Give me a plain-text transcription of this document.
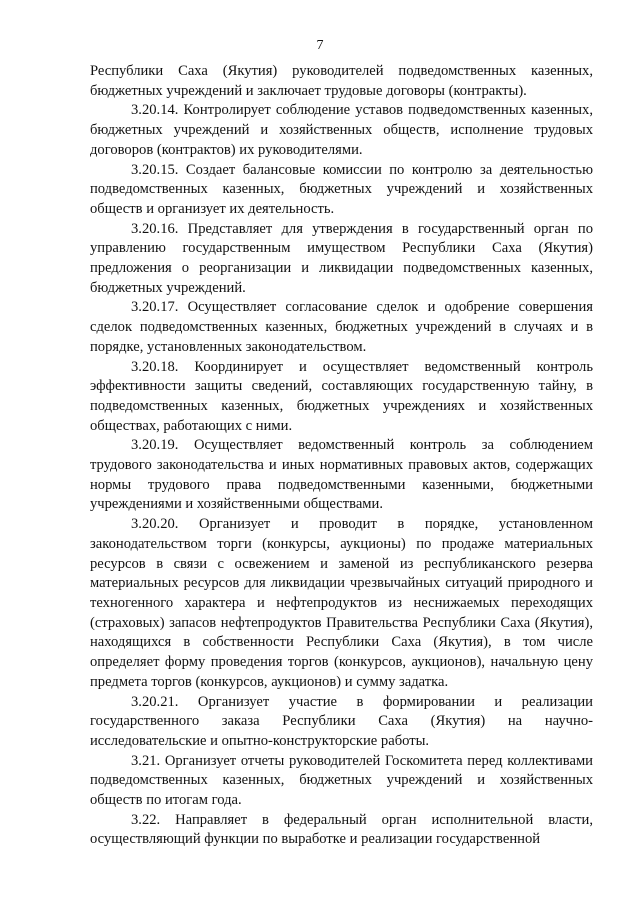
7

Республики Саха (Якутия) руководителей подведомственных казенных, бюджетных учреждений и заключает трудовые договоры (контракты).

3.20.14. Контролирует соблюдение уставов подведомственных казенных, бюджетных учреждений и хозяйственных обществ, исполнение трудовых договоров (контрактов) их руководителями.

3.20.15. Создает балансовые комиссии по контролю за деятельностью подведомственных казенных, бюджетных учреждений и хозяйственных обществ и организует их деятельность.

3.20.16. Представляет для утверждения в государственный орган по управлению государственным имуществом Республики Саха (Якутия) предложения о реорганизации и ликвидации подведомственных казенных, бюджетных учреждений.

3.20.17. Осуществляет согласование сделок и одобрение совершения сделок подведомственных казенных, бюджетных учреждений в случаях и в порядке, установленных законодательством.

3.20.18. Координирует и осуществляет ведомственный контроль эффективности защиты сведений, составляющих государственную тайну, в подведомственных казенных, бюджетных учреждениях и хозяйственных обществах, работающих с ними.

3.20.19. Осуществляет ведомственный контроль за соблюдением трудового законодательства и иных нормативных правовых актов, содержащих нормы трудового права подведомственными казенными, бюджетными учреждениями и хозяйственными обществами.

3.20.20. Организует и проводит в порядке, установленном законодательством торги (конкурсы, аукционы) по продаже материальных ресурсов в связи с освежением и заменой из республиканского резерва материальных ресурсов для ликвидации чрезвычайных ситуаций природного и техногенного характера и нефтепродуктов из неснижаемых переходящих (страховых) запасов нефтепродуктов Правительства Республики Саха (Якутия), находящихся в собственности Республики Саха (Якутия), в том числе определяет форму проведения торгов (конкурсов, аукционов), начальную цену предмета торгов (конкурсов, аукционов) и сумму задатка.

3.20.21. Организует участие в формировании и реализации государственного заказа Республики Саха (Якутия) на научно-исследовательские и опытно-конструкторские работы.

3.21. Организует отчеты руководителей Госкомитета перед коллективами подведомственных казенных, бюджетных учреждений и хозяйственных обществ по итогам года.

3.22. Направляет в федеральный орган исполнительной власти, осуществляющий функции по выработке и реализации государственной
